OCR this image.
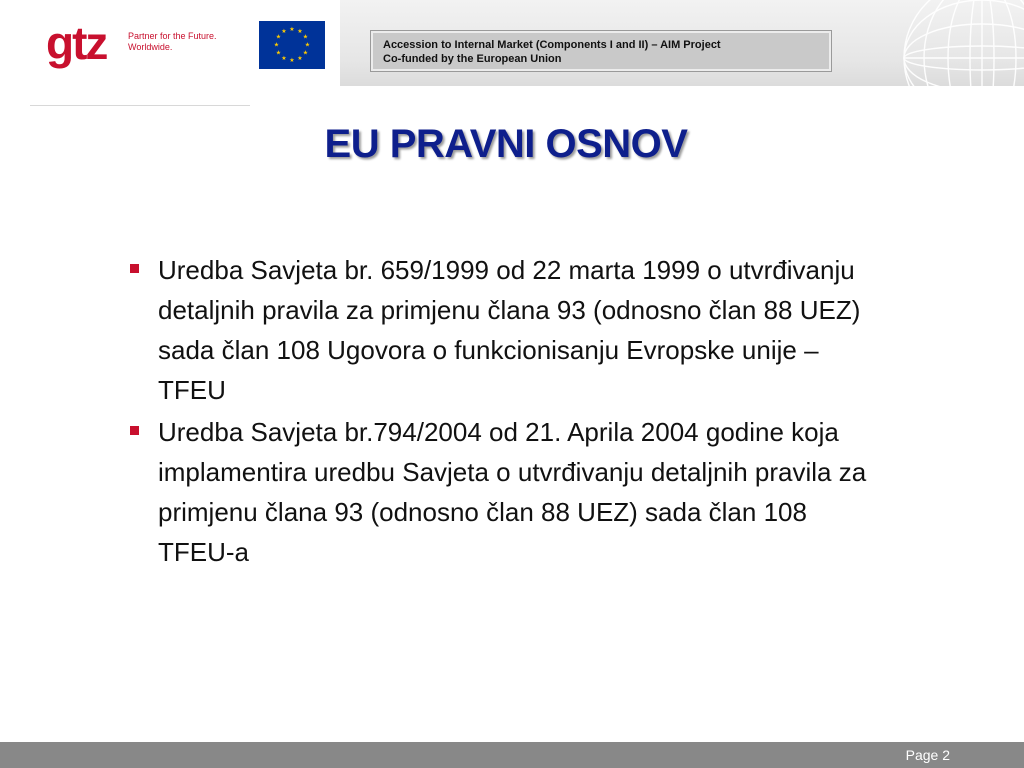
gtz Partner for the Future.
Worldwide.
★ ★
★
★
★
★
★
★
★
★
★
★
Accession to Internal Market (Components I and II) – AIM Project
Co-funded by the European Union
EU PRAVNI OSNOV
Uredba Savjeta br. 659/1999 od 22 marta 1999 o utvrđivanju detaljnih pravila za primjenu člana 93 (odnosno član 88 UEZ) sada član 108 Ugovora o funkcionisanju Evropske unije – TFEU
Uredba Savjeta br.794/2004 od 21. Aprila 2004 godine koja implamentira uredbu Savjeta o utvrđivanju detaljnih pravila za primjenu člana 93 (odnosno član 88 UEZ) sada član 108 TFEU-a
Page 2
